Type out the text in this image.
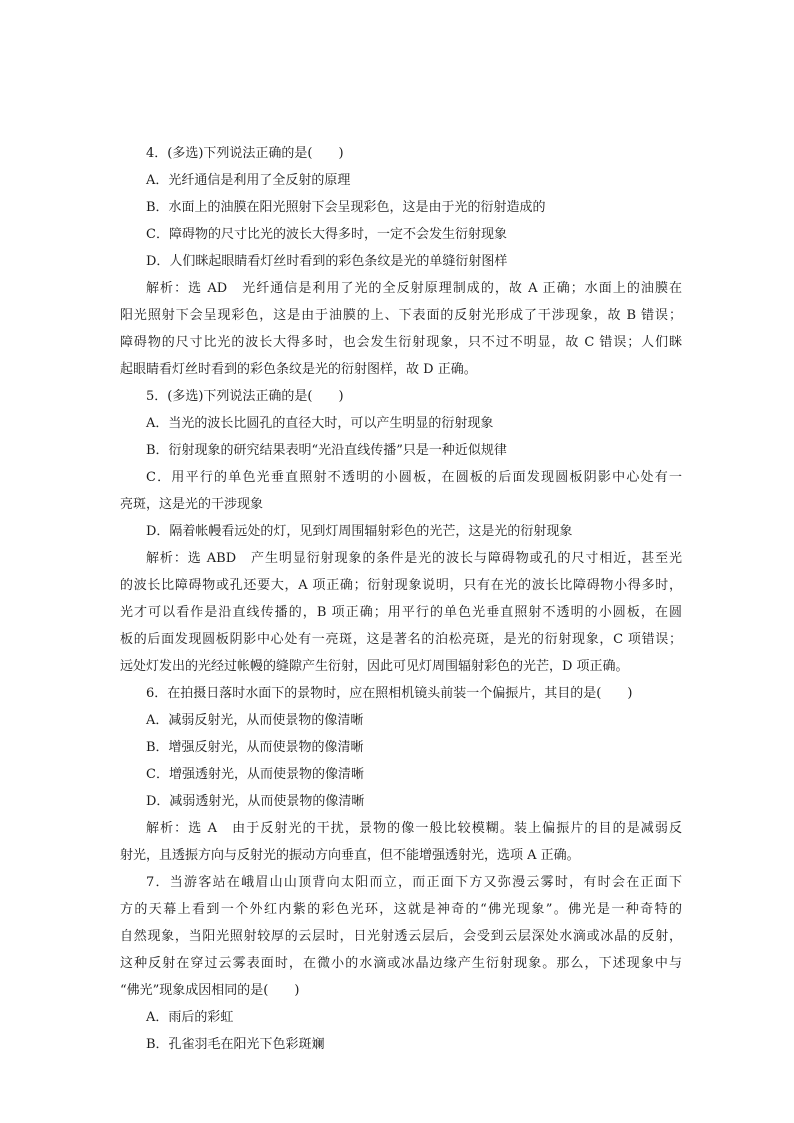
4．(多选)下列说法正确的是(　　)
A．光纤通信是利用了全反射的原理
B．水面上的油膜在阳光照射下会呈现彩色，这是由于光的衍射造成的
C．障碍物的尺寸比光的波长大得多时，一定不会发生衍射现象
D．人们眯起眼睛看灯丝时看到的彩色条纹是光的单缝衍射图样
解析：选 AD　光纤通信是利用了光的全反射原理制成的，故 A 正确；水面上的油膜在
阳光照射下会呈现彩色，这是由于油膜的上、下表面的反射光形成了干涉现象，故 B 错误；
障碍物的尺寸比光的波长大得多时，也会发生衍射现象，只不过不明显，故 C 错误；人们眯
起眼睛看灯丝时看到的彩色条纹是光的衍射图样，故 D 正确。
5．(多选)下列说法正确的是(　　)
A．当光的波长比圆孔的直径大时，可以产生明显的衍射现象
B．衍射现象的研究结果表明“光沿直线传播”只是一种近似规律
C．用平行的单色光垂直照射不透明的小圆板，在圆板的后面发现圆板阴影中心处有一
亮斑，这是光的干涉现象
D．隔着帐幔看远处的灯，见到灯周围辐射彩色的光芒，这是光的衍射现象
解析：选 ABD　产生明显衍射现象的条件是光的波长与障碍物或孔的尺寸相近，甚至光
的波长比障碍物或孔还要大，A 项正确；衍射现象说明，只有在光的波长比障碍物小得多时，
光才可以看作是沿直线传播的，B 项正确；用平行的单色光垂直照射不透明的小圆板，在圆
板的后面发现圆板阴影中心处有一亮斑，这是著名的泊松亮斑，是光的衍射现象，C 项错误；
远处灯发出的光经过帐幔的缝隙产生衍射，因此可见灯周围辐射彩色的光芒，D 项正确。
6．在拍摄日落时水面下的景物时，应在照相机镜头前装一个偏振片，其目的是(　　)
A．减弱反射光，从而使景物的像清晰
B．增强反射光，从而使景物的像清晰
C．增强透射光，从而使景物的像清晰
D．减弱透射光，从而使景物的像清晰
解析：选 A　由于反射光的干扰，景物的像一般比较模糊。装上偏振片的目的是减弱反
射光，且透振方向与反射光的振动方向垂直，但不能增强透射光，选项 A 正确。
7．当游客站在峨眉山山顶背向太阳而立，而正面下方又弥漫云雾时，有时会在正面下
方的天幕上看到一个外红内紫的彩色光环，这就是神奇的“佛光现象”。佛光是一种奇特的
自然现象，当阳光照射较厚的云层时，日光射透云层后，会受到云层深处水滴或冰晶的反射，
这种反射在穿过云雾表面时，在微小的水滴或冰晶边缘产生衍射现象。那么，下述现象中与
“佛光”现象成因相同的是(　　)
A．雨后的彩虹
B．孔雀羽毛在阳光下色彩斑斓
